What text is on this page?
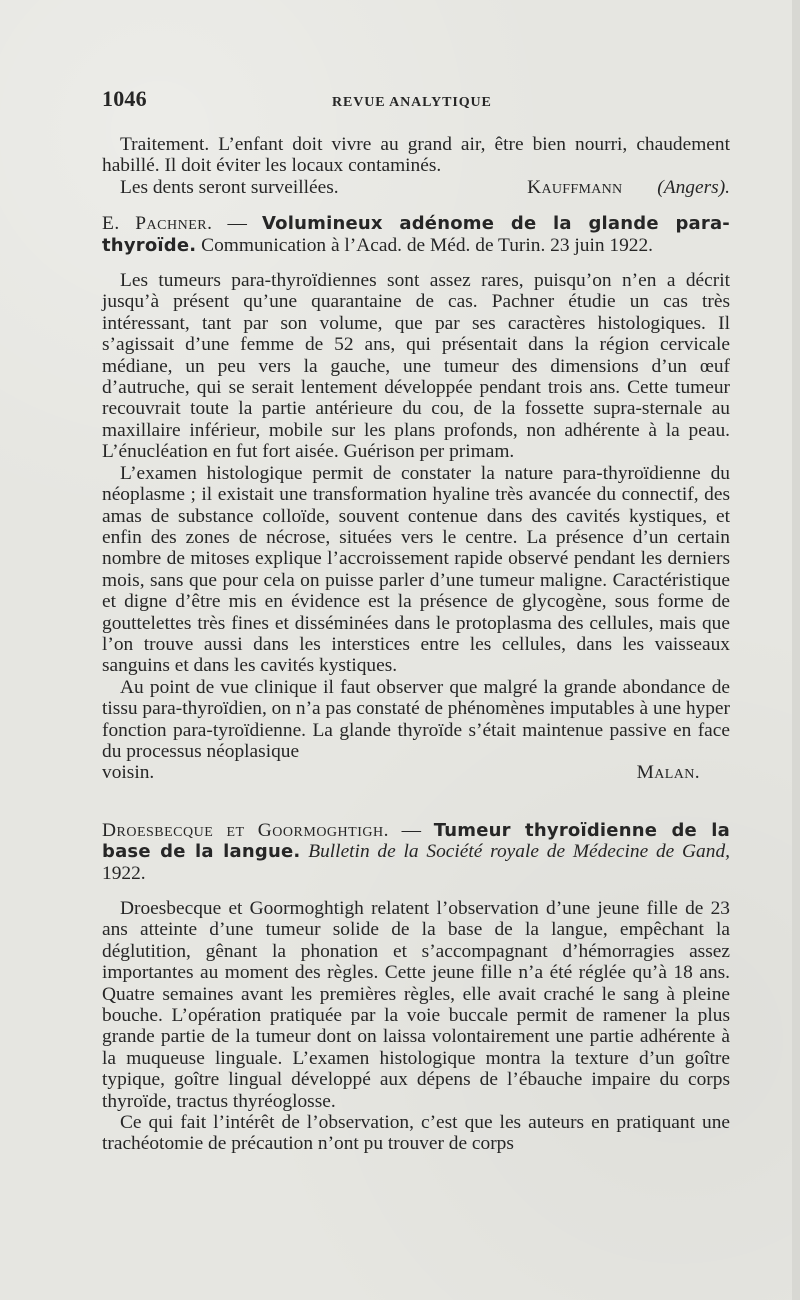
1046	REVUE ANALYTIQUE

Traitement. L’enfant doit vivre au grand air, être bien nourri, chaudement habillé. Il doit éviter les locaux contaminés.

Les dents seront surveillées.	Kauffmann (Angers).

E. Pachner. — Volumineux adénome de la glande para-thyroïde. Communication à l’Acad. de Méd. de Turin. 23 juin 1922.

Les tumeurs para-thyroïdiennes sont assez rares, puisqu’on n’en a décrit jusqu’à présent qu’une quarantaine de cas. Pachner étudie un cas très intéressant, tant par son volume, que par ses caractères histologiques. Il s’agissait d’une femme de 52 ans, qui présentait dans la région cervicale médiane, un peu vers la gauche, une tumeur des dimensions d’un œuf d’autruche, qui se serait lentement développée pendant trois ans. Cette tumeur recouvrait toute la partie antérieure du cou, de la fossette supra-sternale au maxillaire inférieur, mobile sur les plans profonds, non adhérente à la peau. L’énucléation en fut fort aisée. Guérison per primam.

L’examen histologique permit de constater la nature para-thyroïdienne du néoplasme ; il existait une transformation hyaline très avancée du connectif, des amas de substance colloïde, souvent contenue dans des cavités kystiques, et enfin des zones de nécrose, situées vers le centre. La présence d’un certain nombre de mitoses explique l’accroissement rapide observé pendant les derniers mois, sans que pour cela on puisse parler d’une tumeur maligne. Caractéristique et digne d’être mis en évidence est la présence de glycogène, sous forme de gouttelettes très fines et disséminées dans le protoplasma des cellules, mais que l’on trouve aussi dans les interstices entre les cellules, dans les vaisseaux sanguins et dans les cavités kystiques.

Au point de vue clinique il faut observer que malgré la grande abondance de tissu para-thyroïdien, on n’a pas constaté de phénomènes imputables à une hyper fonction para-tyroïdienne. La glande thyroïde s’était maintenue passive en face du processus néoplasique

voisin.	Malan.

Droesbecque et Goormoghtigh. — Tumeur thyroïdienne de la base de la langue. Bulletin de la Société royale de Médecine de Gand, 1922.

Droesbecque et Goormoghtigh relatent l’observation d’une jeune fille de 23 ans atteinte d’une tumeur solide de la base de la langue, empêchant la déglutition, gênant la phonation et s’accompagnant d’hémorragies assez importantes au moment des règles. Cette jeune fille n’a été réglée qu’à 18 ans. Quatre semaines avant les premières règles, elle avait craché le sang à pleine bouche. L’opération pratiquée par la voie buccale permit de ramener la plus grande partie de la tumeur dont on laissa volontairement une partie adhérente à la muqueuse linguale. L’examen histologique montra la texture d’un goître typique, goître lingual développé aux dépens de l’ébauche impaire du corps thyroïde, tractus thyréoglosse.

Ce qui fait l’intérêt de l’observation, c’est que les auteurs en pratiquant une trachéotomie de précaution n’ont pu trouver de corps
